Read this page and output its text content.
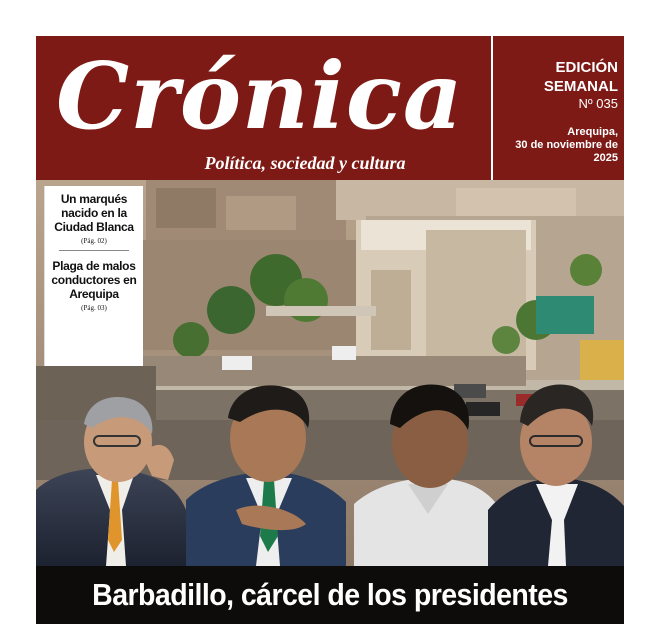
Crónica
Política, sociedad y cultura
EDICIÓN
SEMANAL
Nº 035
Arequipa,
30 de noviembre de 2025
Un marqués nacido en la Ciudad Blanca
(Pág. 02)
Plaga de malos conductores en Arequipa
(Pág. 03)
Barbadillo, cárcel de los presidentes
